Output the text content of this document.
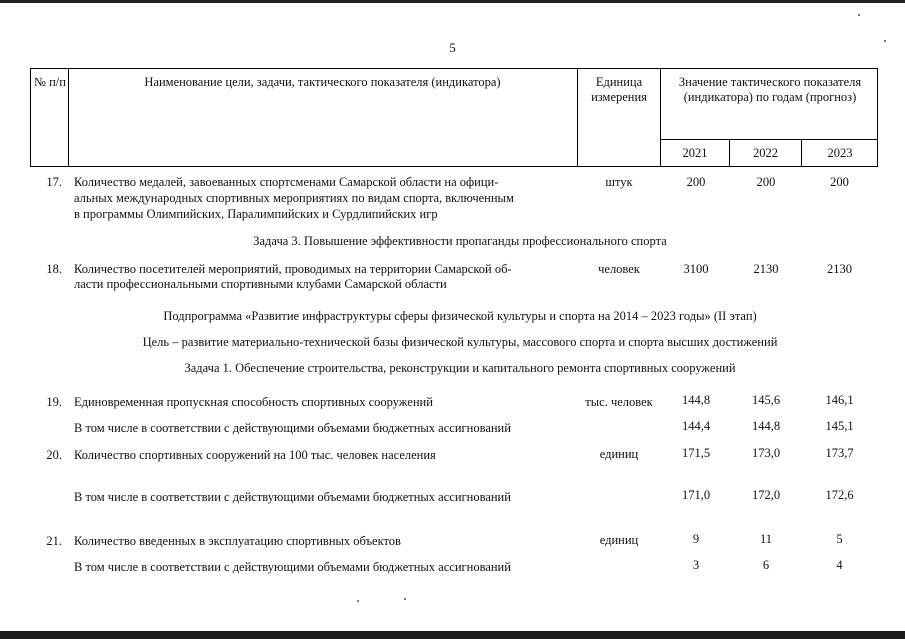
5
№ п/п	Наименование цели, задачи, тактического показателя (индикатора)	Единица измерения
Значение тактического показателя (индикатора) по годам (прогноз)
2021	2022	2023
17. Количество медалей, завоеванных спортсменами Самарской области на офици-
альных международных спортивных мероприятиях по видам спорта, включенным
в программы Олимпийских, Паралимпийских и Сурдлипийских игр
штук	200	200	200
Задача 3. Повышение эффективности пропаганды профессионального спорта
18. Количество посетителей мероприятий, проводимых на территории Самарской об-
ласти профессиональными спортивными клубами Самарской области
человек	3100	2130	2130
Подпрограмма «Развитие инфраструктуры сферы физической культуры и спорта на 2014 – 2023 годы» (II этап)
Цель – развитие материально-технической базы физической культуры, массового спорта и спорта высших достижений
Задача 1. Обеспечение строительства, реконструкции и капитального ремонта спортивных сооружений
19. Единовременная пропускная способность спортивных сооружений	тыс. человек	144,8	145,6	146,1
В том числе в соответствии с действующими объемами бюджетных ассигнований	144,4	144,8	145,1
20. Количество спортивных сооружений на 100 тыс. человек населения	единиц	171,5	173,0	173,7
В том числе в соответствии с действующими объемами бюджетных ассигнований	171,0	172,0	172,6
21. Количество введенных в эксплуатацию спортивных объектов	единиц	9	11	5
В том числе в соответствии с действующими объемами бюджетных ассигнований	3	6	4
